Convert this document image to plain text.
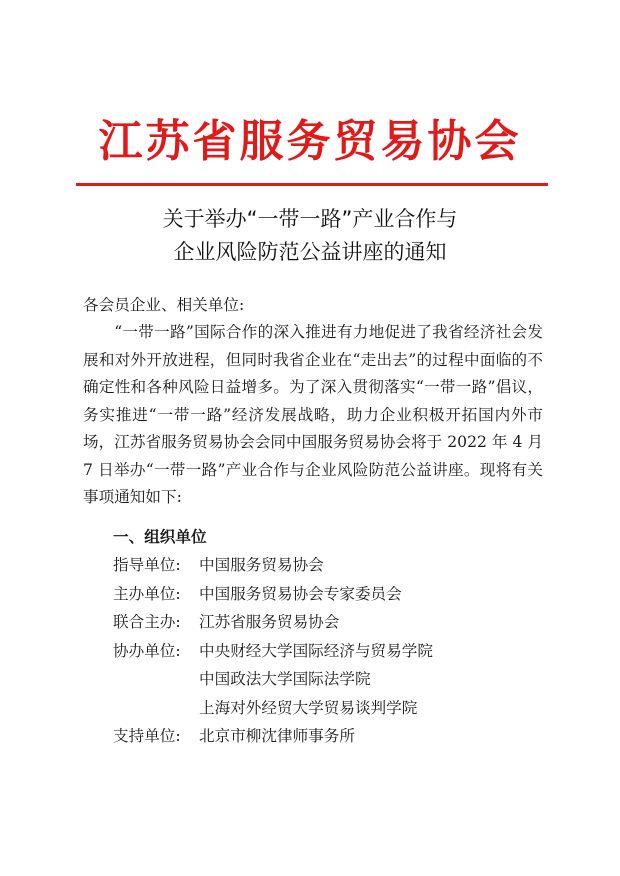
江苏省服务贸易协会
关于举办“一带一路”产业合作与
企业风险防范公益讲座的通知
各会员企业、相关单位:
“一带一路”国际合作的深入推进有力地促进了我省经济社会发展和对外开放进程，但同时我省企业在“走出去”的过程中面临的不确定性和各种风险日益增多。为了深入贯彻落实“一带一路”倡议，务实推进“一带一路”经济发展战略，助力企业积极开拓国内外市场，江苏省服务贸易协会会同中国服务贸易协会将于 2022 年 4 月 7 日举办“一带一路”产业合作与企业风险防范公益讲座。现将有关事项通知如下:
一、组织单位
指导单位:	中国服务贸易协会
主办单位:	中国服务贸易协会专家委员会
联合主办:	江苏省服务贸易协会
协办单位:	中央财经大学国际经济与贸易学院
中国政法大学国际法学院
上海对外经贸大学贸易谈判学院
支持单位:	北京市柳沈律师事务所
